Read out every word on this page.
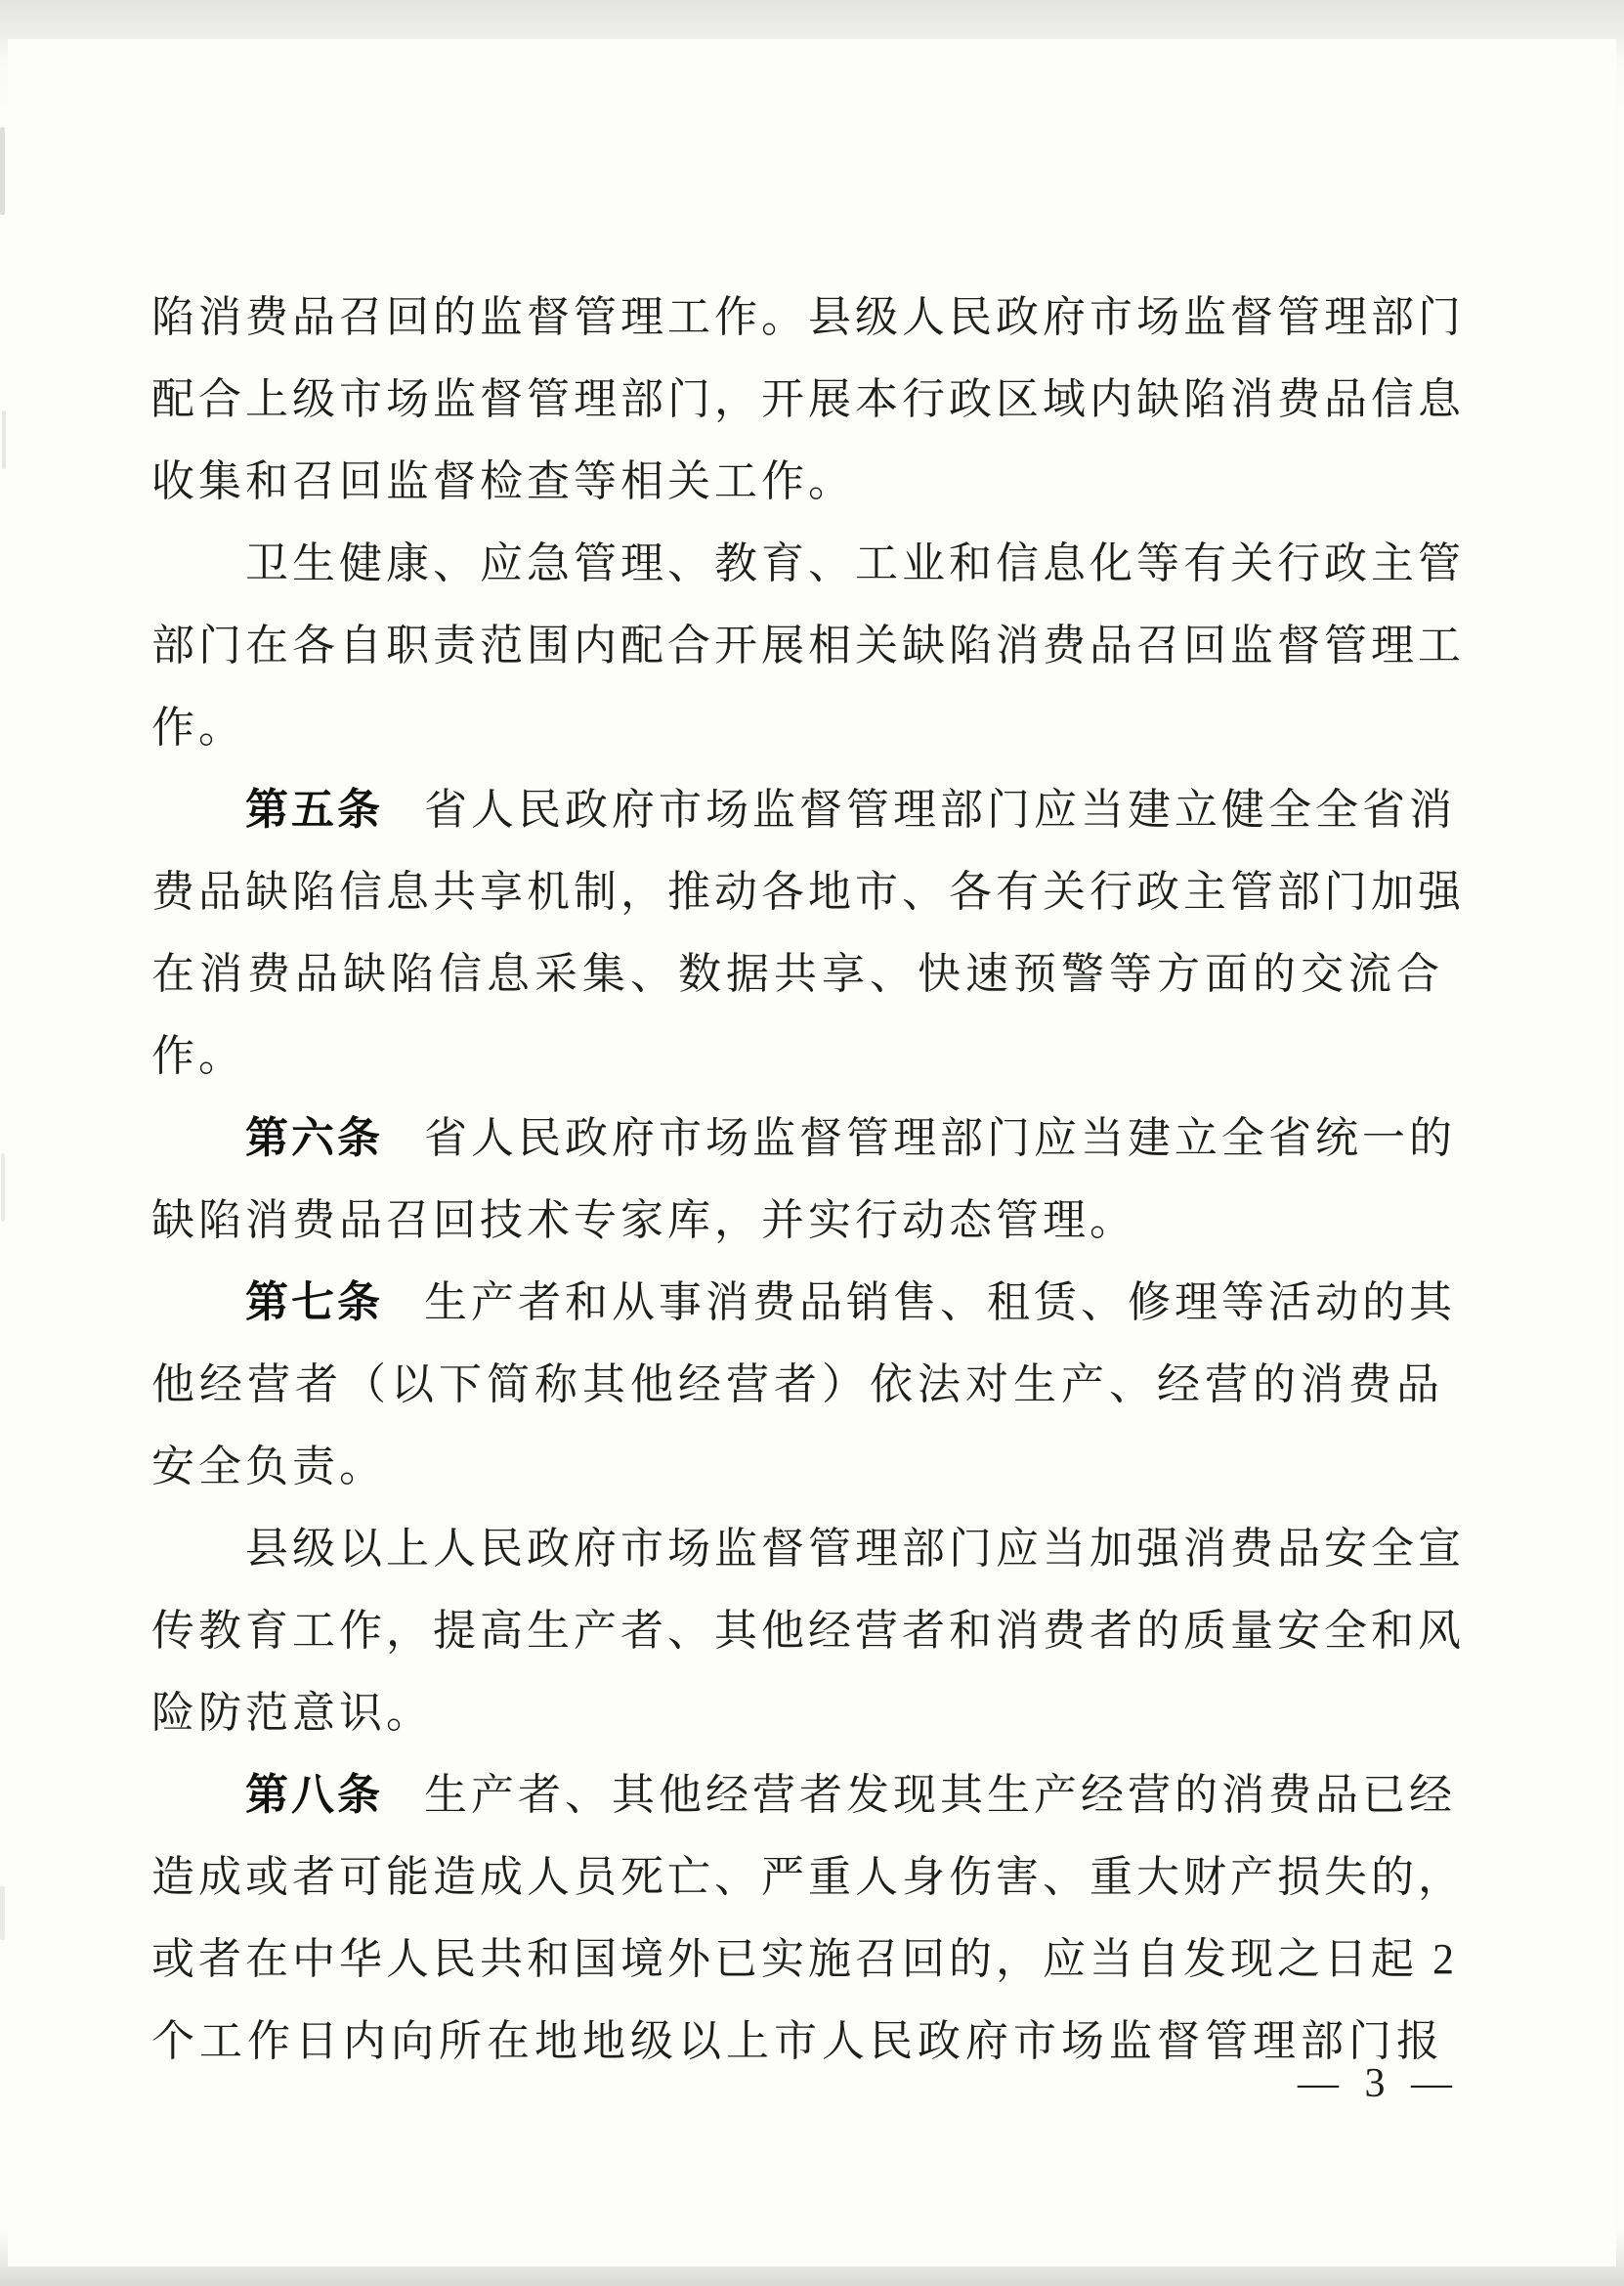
陷消费品召回的监督管理工作。县级人民政府市场监督管理部门
配合上级市场监督管理部门，开展本行政区域内缺陷消费品信息
收集和召回监督检查等相关工作。
卫生健康、应急管理、教育、工业和信息化等有关行政主管
部门在各自职责范围内配合开展相关缺陷消费品召回监督管理工
作。
第五条 省人民政府市场监督管理部门应当建立健全全省消
费品缺陷信息共享机制，推动各地市、各有关行政主管部门加强
在消费品缺陷信息采集、数据共享、快速预警等方面的交流合
作。
第六条 省人民政府市场监督管理部门应当建立全省统一的
缺陷消费品召回技术专家库，并实行动态管理。
第七条 生产者和从事消费品销售、租赁、修理等活动的其
他经营者（以下简称其他经营者）依法对生产、经营的消费品
安全负责。
县级以上人民政府市场监督管理部门应当加强消费品安全宣
传教育工作，提高生产者、其他经营者和消费者的质量安全和风
险防范意识。
第八条 生产者、其他经营者发现其生产经营的消费品已经
造成或者可能造成人员死亡、严重人身伤害、重大财产损失的，
或者在中华人民共和国境外已实施召回的，应当自发现之日起 2
个工作日内向所在地地级以上市人民政府市场监督管理部门报
— 3 —
